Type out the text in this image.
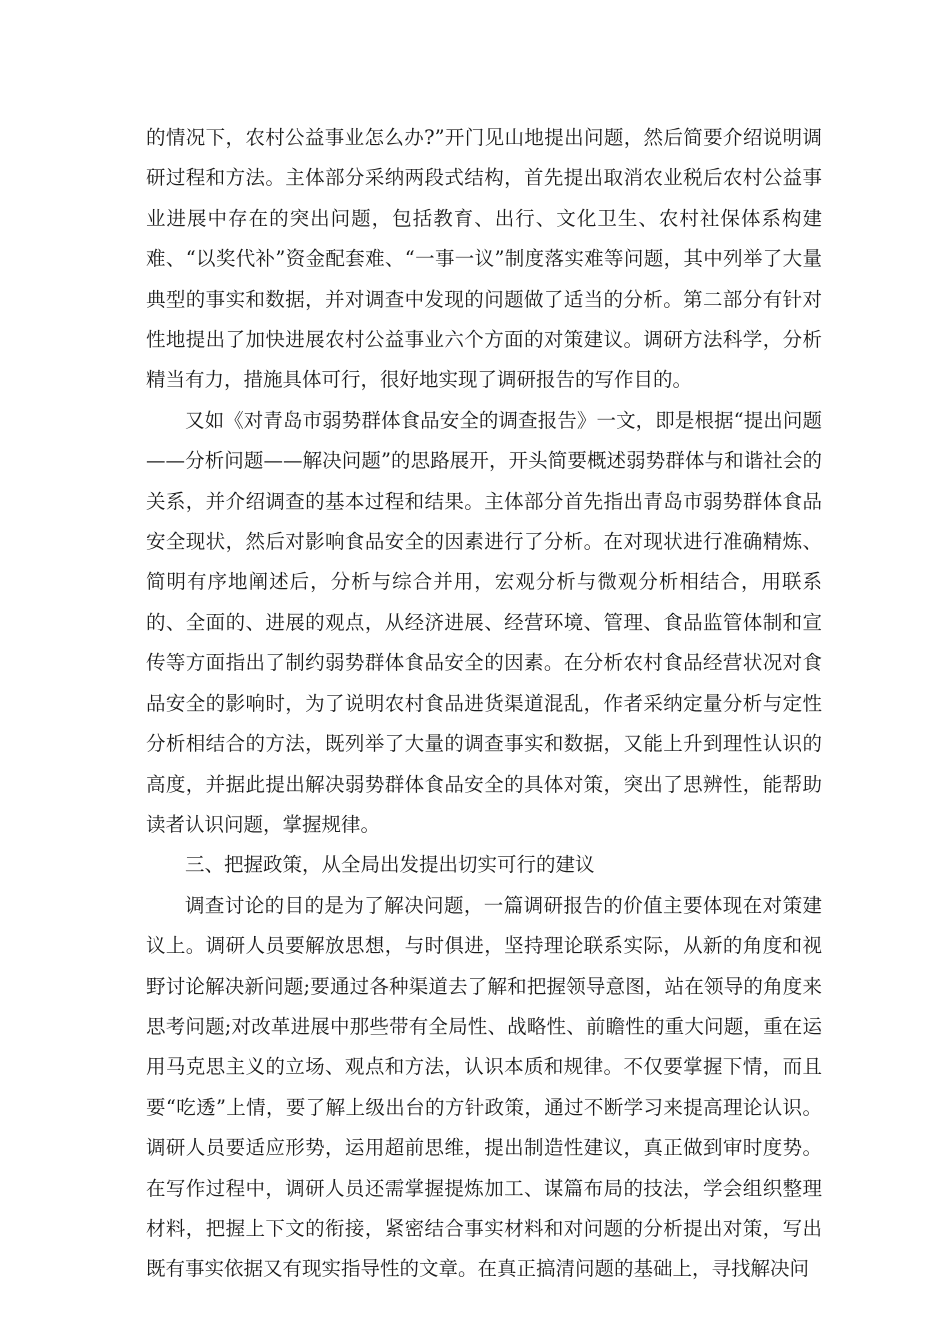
的情况下，农村公益事业怎么办?”开门见山地提出问题，然后简要介绍说明调研过程和方法。主体部分采纳两段式结构，首先提出取消农业税后农村公益事业进展中存在的突出问题，包括教育、出行、文化卫生、农村社保体系构建难、“以奖代补”资金配套难、“一事一议”制度落实难等问题，其中列举了大量典型的事实和数据，并对调查中发现的问题做了适当的分析。第二部分有针对性地提出了加快进展农村公益事业六个方面的对策建议。调研方法科学，分析精当有力，措施具体可行，很好地实现了调研报告的写作目的。

又如《对青岛市弱势群体食品安全的调查报告》一文，即是根据“提出问题——分析问题——解决问题”的思路展开，开头简要概述弱势群体与和谐社会的关系，并介绍调查的基本过程和结果。主体部分首先指出青岛市弱势群体食品安全现状，然后对影响食品安全的因素进行了分析。在对现状进行准确精炼、简明有序地阐述后，分析与综合并用，宏观分析与微观分析相结合，用联系的、全面的、进展的观点，从经济进展、经营环境、管理、食品监管体制和宣传等方面指出了制约弱势群体食品安全的因素。在分析农村食品经营状况对食品安全的影响时，为了说明农村食品进货渠道混乱，作者采纳定量分析与定性分析相结合的方法，既列举了大量的调查事实和数据，又能上升到理性认识的高度，并据此提出解决弱势群体食品安全的具体对策，突出了思辨性，能帮助读者认识问题，掌握规律。

三、把握政策，从全局出发提出切实可行的建议

调查讨论的目的是为了解决问题，一篇调研报告的价值主要体现在对策建议上。调研人员要解放思想，与时俱进，坚持理论联系实际，从新的角度和视野讨论解决新问题;要通过各种渠道去了解和把握领导意图，站在领导的角度来思考问题;对改革进展中那些带有全局性、战略性、前瞻性的重大问题，重在运用马克思主义的立场、观点和方法，认识本质和规律。不仅要掌握下情，而且要“吃透”上情，要了解上级出台的方针政策，通过不断学习来提高理论认识。调研人员要适应形势，运用超前思维，提出制造性建议，真正做到审时度势。在写作过程中，调研人员还需掌握提炼加工、谋篇布局的技法，学会组织整理材料，把握上下文的衔接，紧密结合事实材料和对问题的分析提出对策，写出既有事实依据又有现实指导性的文章。在真正搞清问题的基础上，寻找解决问
